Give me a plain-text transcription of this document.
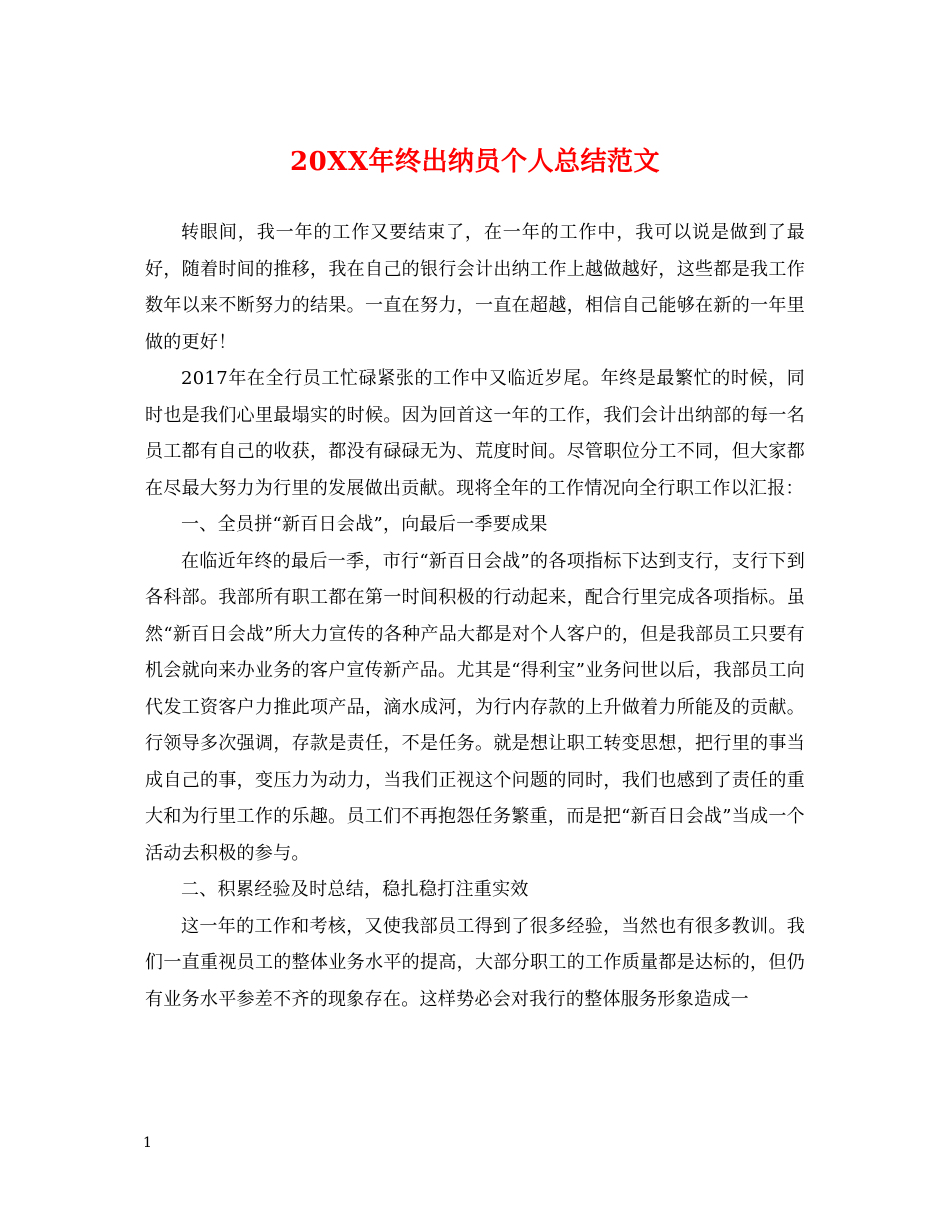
20XX年终出纳员个人总结范文

转眼间，我一年的工作又要结束了，在一年的工作中，我可以说是做到了最好，随着时间的推移，我在自己的银行会计出纳工作上越做越好，这些都是我工作数年以来不断努力的结果。一直在努力，一直在超越，相信自己能够在新的一年里做的更好！

2017年在全行员工忙碌紧张的工作中又临近岁尾。年终是最繁忙的时候，同时也是我们心里最塌实的时候。因为回首这一年的工作，我们会计出纳部的每一名员工都有自己的收获，都没有碌碌无为、荒度时间。尽管职位分工不同，但大家都在尽最大努力为行里的发展做出贡献。现将全年的工作情况向全行职工作以汇报：

一、全员拼“新百日会战”，向最后一季要成果

在临近年终的最后一季，市行“新百日会战”的各项指标下达到支行，支行下到各科部。我部所有职工都在第一时间积极的行动起来，配合行里完成各项指标。虽然“新百日会战”所大力宣传的各种产品大都是对个人客户的，但是我部员工只要有机会就向来办业务的客户宣传新产品。尤其是“得利宝”业务问世以后，我部员工向代发工资客户力推此项产品，滴水成河，为行内存款的上升做着力所能及的贡献。行领导多次强调，存款是责任，不是任务。就是想让职工转变思想，把行里的事当成自己的事，变压力为动力，当我们正视这个问题的同时，我们也感到了责任的重大和为行里工作的乐趣。员工们不再抱怨任务繁重，而是把“新百日会战”当成一个活动去积极的参与。

二、积累经验及时总结，稳扎稳打注重实效

这一年的工作和考核，又使我部员工得到了很多经验，当然也有很多教训。我们一直重视员工的整体业务水平的提高，大部分职工的工作质量都是达标的，但仍有业务水平参差不齐的现象存在。这样势必会对我行的整体服务形象造成一

1
